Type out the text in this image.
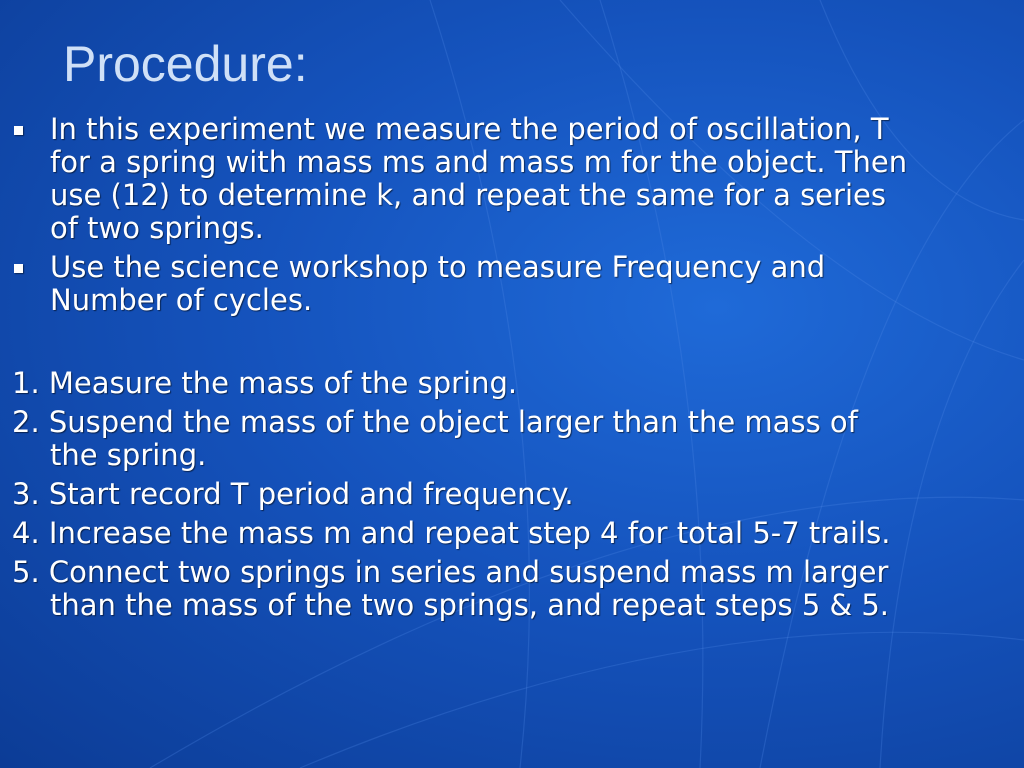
Procedure:
In this experiment we measure the period of oscillation, T for a spring with mass ms and mass m for the object. Then use (12) to determine k, and repeat the same for a series of two springs.
Use the science workshop to measure Frequency and Number of cycles.
1. Measure the mass of the spring.
2. Suspend the mass of the object larger than the mass of the spring.
3. Start record T period and frequency.
4. Increase the mass m and repeat step 4 for total 5-7 trails.
5. Connect two springs in series and suspend mass m larger than the mass of the two springs, and repeat steps 5 & 5.
